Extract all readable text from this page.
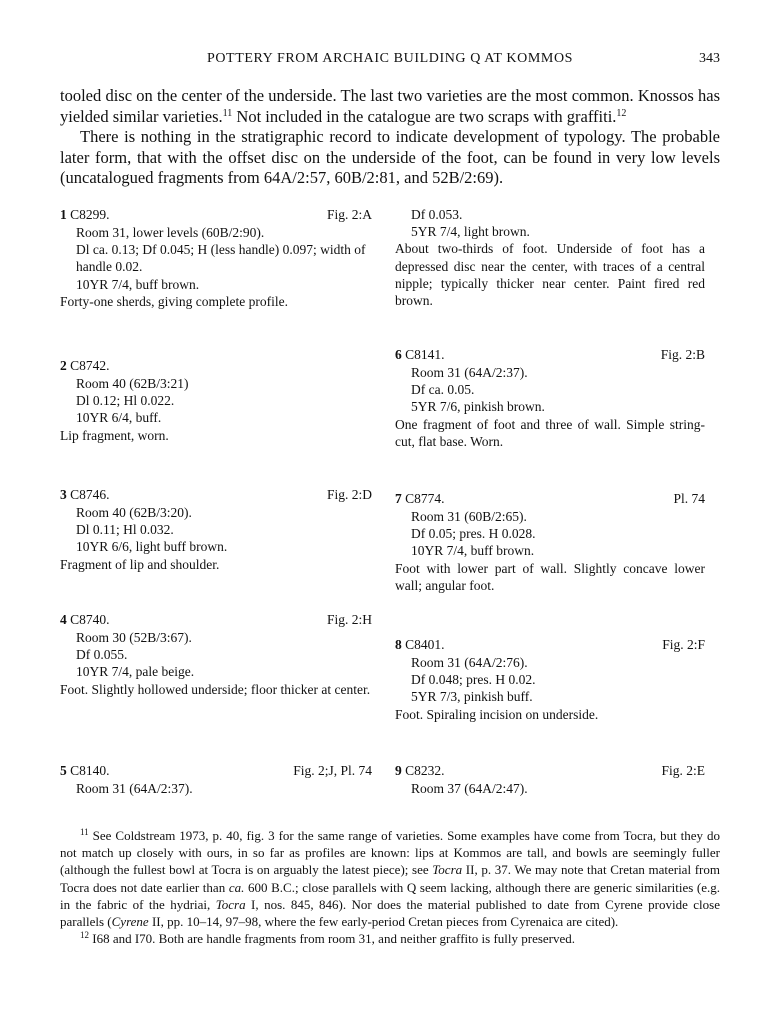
POTTERY FROM ARCHAIC BUILDING Q AT KOMMOS	343

tooled disc on the center of the underside. The last two varieties are the most common. Knossos has yielded similar varieties.$^{11}$ Not included in the catalogue are two scraps with graffiti.$^{12}$

There is nothing in the stratigraphic record to indicate development of typology. The probable later form, that with the offset disc on the underside of the foot, can be found in very low levels (uncatalogued fragments from 64A/2:57, 60B/2:81, and 52B/2:69).

1 C8299.	Fig. 2:A
Room 31, lower levels (60B/2:90).
Dl ca. 0.13; Df 0.045; H (less handle) 0.097; width of handle 0.02.
10YR 7/4, buff brown.
Forty-one sherds, giving complete profile.
2 C8742.
Room 40 (62B/3:21)
Dl 0.12; Hl 0.022.
10YR 6/4, buff.
Lip fragment, worn.
3 C8746.	Fig. 2:D
Room 40 (62B/3:20).
Dl 0.11; Hl 0.032.
10YR 6/6, light buff brown.
Fragment of lip and shoulder.
4 C8740.	Fig. 2:H
Room 30 (52B/3:67).
Df 0.055.
10YR 7/4, pale beige.
Foot. Slightly hollowed underside; floor thicker at center.
5 C8140.	Fig. 2;J, Pl. 74
Room 31 (64A/2:37).
Df 0.053.
5YR 7/4, light brown.
About two-thirds of foot. Underside of foot has a depressed disc near the center, with traces of a central nipple; typically thicker near center. Paint fired red brown.
6 C8141.	Fig. 2:B
Room 31 (64A/2:37).
Df ca. 0.05.
5YR 7/6, pinkish brown.
One fragment of foot and three of wall. Simple string-cut, flat base. Worn.
7 C8774.	Pl. 74
Room 31 (60B/2:65).
Df 0.05; pres. H 0.028.
10YR 7/4, buff brown.
Foot with lower part of wall. Slightly concave lower wall; angular foot.
8 C8401.	Fig. 2:F
Room 31 (64A/2:76).
Df 0.048; pres. H 0.02.
5YR 7/3, pinkish buff.
Foot. Spiraling incision on underside.
9 C8232.	Fig. 2:E
Room 37 (64A/2:47).

$^{11}$ See Coldstream 1973, p. 40, fig. 3 for the same range of varieties. Some examples have come from Tocra, but they do not match up closely with ours, in so far as profiles are known: lips at Kommos are tall, and bowls are seemingly fuller (although the fullest bowl at Tocra is on arguably the latest piece); see Tocra II, p. 37. We may note that Cretan material from Tocra does not date earlier than ca. 600 B.C.; close parallels with Q seem lacking, although there are generic similarities (e.g. in the fabric of the hydriai, Tocra I, nos. 845, 846). Nor does the material published to date from Cyrene provide close parallels (Cyrene II, pp. 10–14, 97–98, where the few early-period Cretan pieces from Cyrenaica are cited).

$^{12}$ I68 and I70. Both are handle fragments from room 31, and neither graffito is fully preserved.
